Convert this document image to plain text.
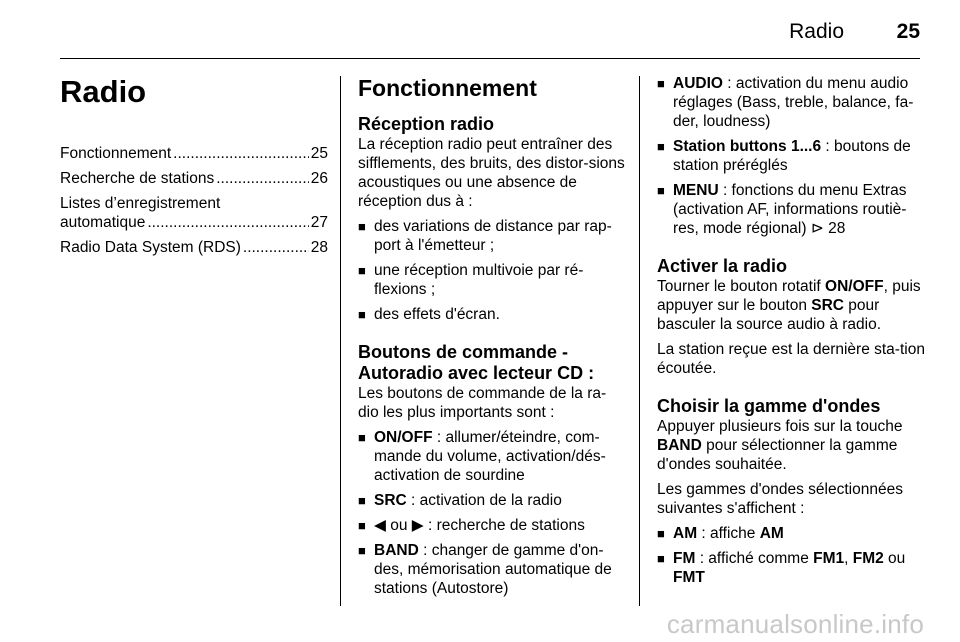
Radio	25
Radio
Fonctionnement .....	25
Recherche de stations .....	26
Listes d’enregistrement
automatique .....	27
Radio Data System (RDS) .....	28
Fonctionnement
Réception radio

La réception radio peut entraîner des sifflements, des bruits, des distor-sions acoustiques ou une absence de réception dus à :

■ des variations de distance par rap-port à l'émetteur ;
■ une réception multivoie par ré-flexions ;
■ des effets d'écran.
Boutons de commande - Autoradio avec lecteur CD :

Les boutons de commande de la ra-dio les plus importants sont :

■ ON/OFF : allumer/éteindre, com-mande du volume, activation/dés-activation de sourdine
■ SRC : activation de la radio
■ ◀ ou ▶ : recherche de stations
■ BAND : changer de gamme d'on-des, mémorisation automatique de stations (Autostore)
■ AUDIO : activation du menu audio réglages (Bass, treble, balance, fa-der, loudness)
■ Station buttons 1...6 : boutons de station préréglés
■ MENU : fonctions du menu Extras (activation AF, informations routiè-res, mode régional) ⊳ 28
Activer la radio

Tourner le bouton rotatif ON/OFF, puis appuyer sur le bouton SRC pour basculer la source audio à radio.

La station reçue est la dernière sta-tion écoutée.

Choisir la gamme d'ondes

Appuyer plusieurs fois sur la touche BAND pour sélectionner la gamme d'ondes souhaitée.

Les gammes d'ondes sélectionnées suivantes s'affichent :

■ AM : affiche AM
■ FM : affiché comme FM1, FM2 ou FMT
carmanualsonline.info
